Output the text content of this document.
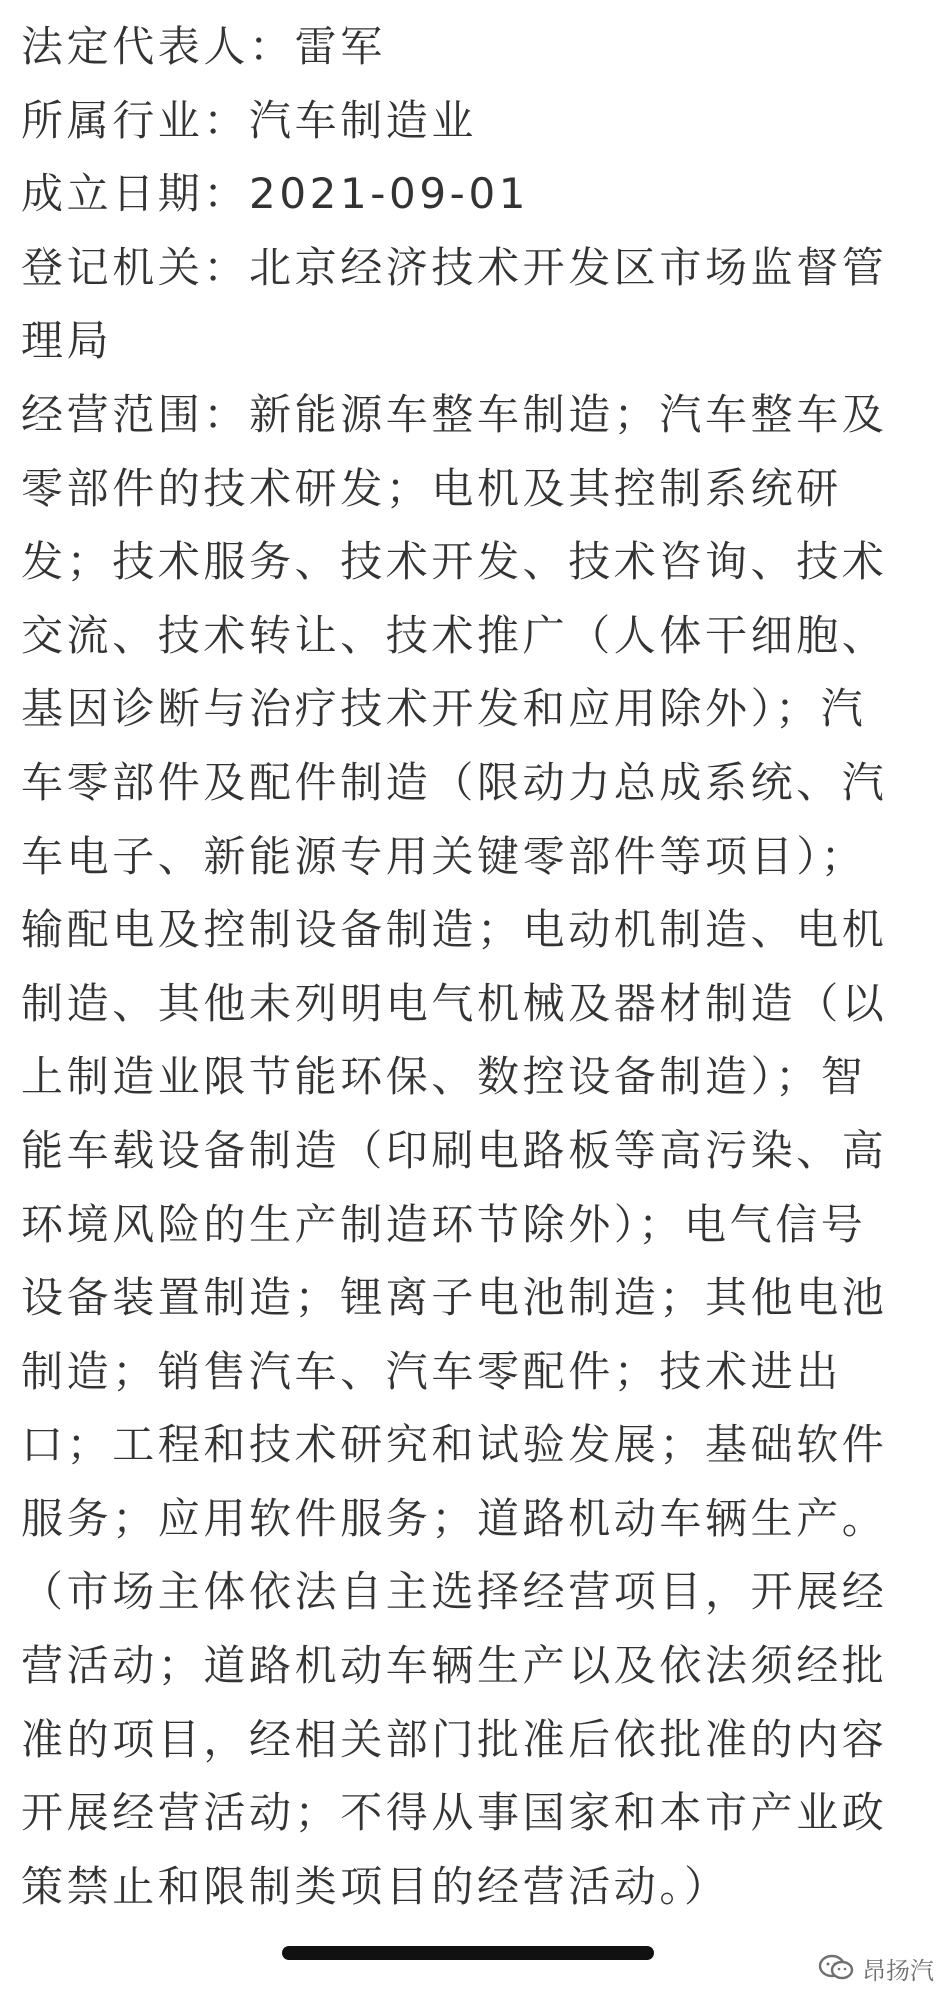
法定代表人：雷军
所属行业：汽车制造业
成立日期：2021-09-01
登记机关：北京经济技术开发区市场监督管
理局
经营范围：新能源车整车制造；汽车整车及
零部件的技术研发；电机及其控制系统研
发；技术服务、技术开发、技术咨询、技术
交流、技术转让、技术推广（人体干细胞、
基因诊断与治疗技术开发和应用除外）；汽
车零部件及配件制造（限动力总成系统、汽
车电子、新能源专用关键零部件等项目）；
输配电及控制设备制造；电动机制造、电机
制造、其他未列明电气机械及器材制造（以
上制造业限节能环保、数控设备制造）；智
能车载设备制造（印刷电路板等高污染、高
环境风险的生产制造环节除外）；电气信号
设备装置制造；锂离子电池制造；其他电池
制造；销售汽车、汽车零配件；技术进出
口；工程和技术研究和试验发展；基础软件
服务；应用软件服务；道路机动车辆生产。
（市场主体依法自主选择经营项目，开展经
营活动；道路机动车辆生产以及依法须经批
准的项目，经相关部门批准后依批准的内容
开展经营活动；不得从事国家和本市产业政
策禁止和限制类项目的经营活动。）
昂扬汽
